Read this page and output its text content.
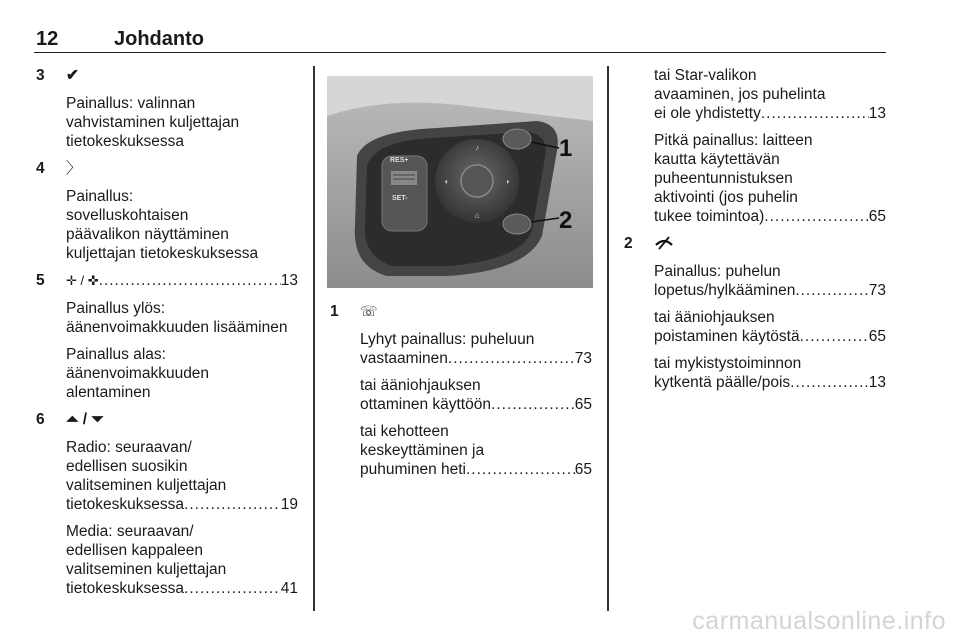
12	Johdanto
3 ✔
Painallus: valinnan
vahvistaminen kuljettajan
tietokeskuksessa
4 〉
Painallus:
sovelluskohtaisen
päävalikon näyttäminen
kuljettajan tietokeskuksessa
5 ✛ / ✜ .....	13
Painallus ylös:
äänenvoimakkuuden lisääminen
Painallus alas:
äänenvoimakkuuden
alentaminen
6 ⏶ / ⏷
Radio: seuraavan/
edellisen suosikin
valitseminen kuljettajan
tietokeskuksessa .....	19
Media: seuraavan/
edellisen kappaleen
valitseminen kuljettajan
tietokeskuksessa .....	41
RES+
SET-
♪
◐	◑
⌂
1
2
1 ☏
Lyhyt painallus: puheluun
vastaaminen .....	73
tai ääniohjauksen
ottaminen käyttöön .....	65
tai kehotteen
keskeyttäminen ja
puhuminen heti .....	65
tai Star-valikon
avaaminen, jos puhelinta
ei ole yhdistetty .....	13
Pitkä painallus: laitteen
kautta käytettävän
puheentunnistuksen
aktivointi (jos puhelin
tukee toimintoa) .....	65
2
Painallus: puhelun
lopetus/hylkääminen .....	73
tai ääniohjauksen
poistaminen käytöstä .....	65
tai mykistystoiminnon
kytkentä päälle/pois .....	13
carmanualsonline.info
